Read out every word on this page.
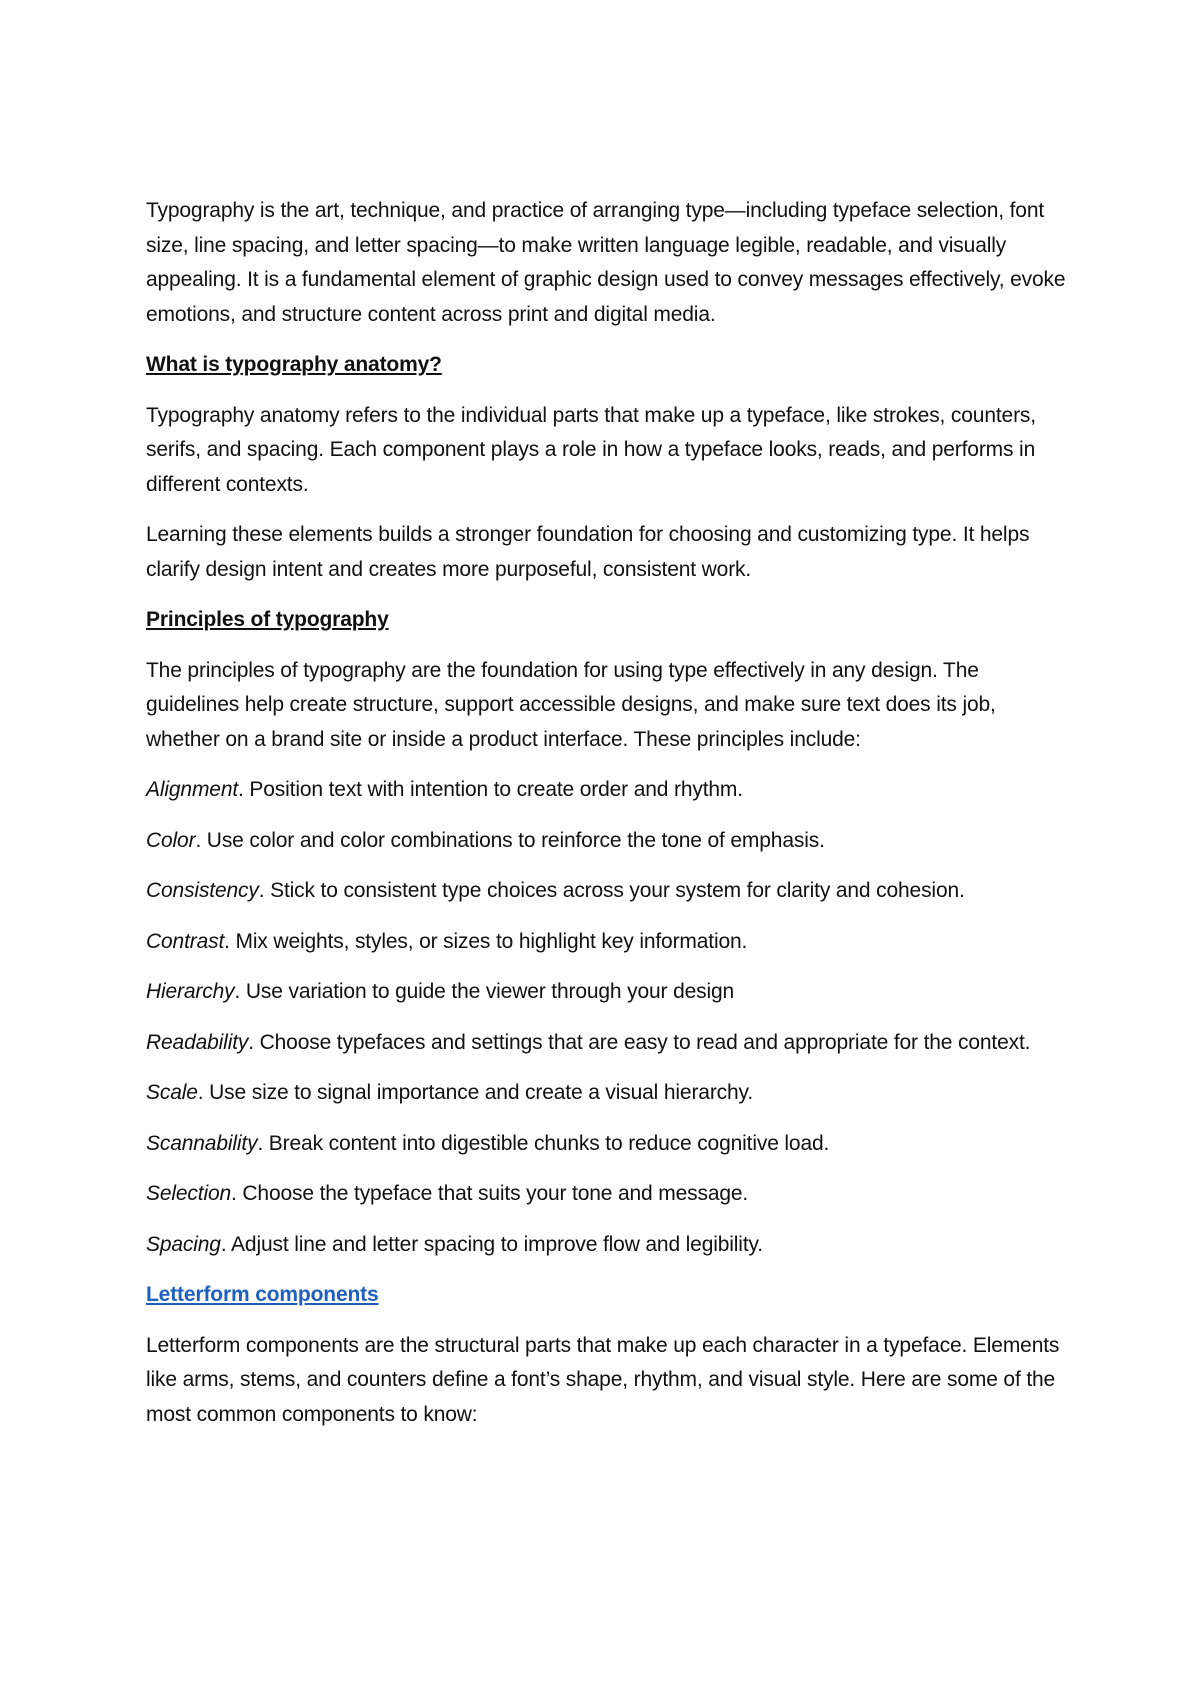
Typography is the art, technique, and practice of arranging type—including typeface selection, font size, line spacing, and letter spacing—to make written language legible, readable, and visually appealing. It is a fundamental element of graphic design used to convey messages effectively, evoke emotions, and structure content across print and digital media.

What is typography anatomy?

Typography anatomy refers to the individual parts that make up a typeface, like strokes, counters, serifs, and spacing. Each component plays a role in how a typeface looks, reads, and performs in different contexts.

Learning these elements builds a stronger foundation for choosing and customizing type. It helps clarify design intent and creates more purposeful, consistent work.

Principles of typography

The principles of typography are the foundation for using type effectively in any design. The guidelines help create structure, support accessible designs, and make sure text does its job, whether on a brand site or inside a product interface. These principles include:

Alignment. Position text with intention to create order and rhythm.

Color. Use color and color combinations to reinforce the tone of emphasis.

Consistency. Stick to consistent type choices across your system for clarity and cohesion.

Contrast. Mix weights, styles, or sizes to highlight key information.

Hierarchy. Use variation to guide the viewer through your design

Readability. Choose typefaces and settings that are easy to read and appropriate for the context.

Scale. Use size to signal importance and create a visual hierarchy.

Scannability. Break content into digestible chunks to reduce cognitive load.

Selection. Choose the typeface that suits your tone and message.

Spacing. Adjust line and letter spacing to improve flow and legibility.

Letterform components

Letterform components are the structural parts that make up each character in a typeface. Elements like arms, stems, and counters define a font’s shape, rhythm, and visual style. Here are some of the most common components to know:
